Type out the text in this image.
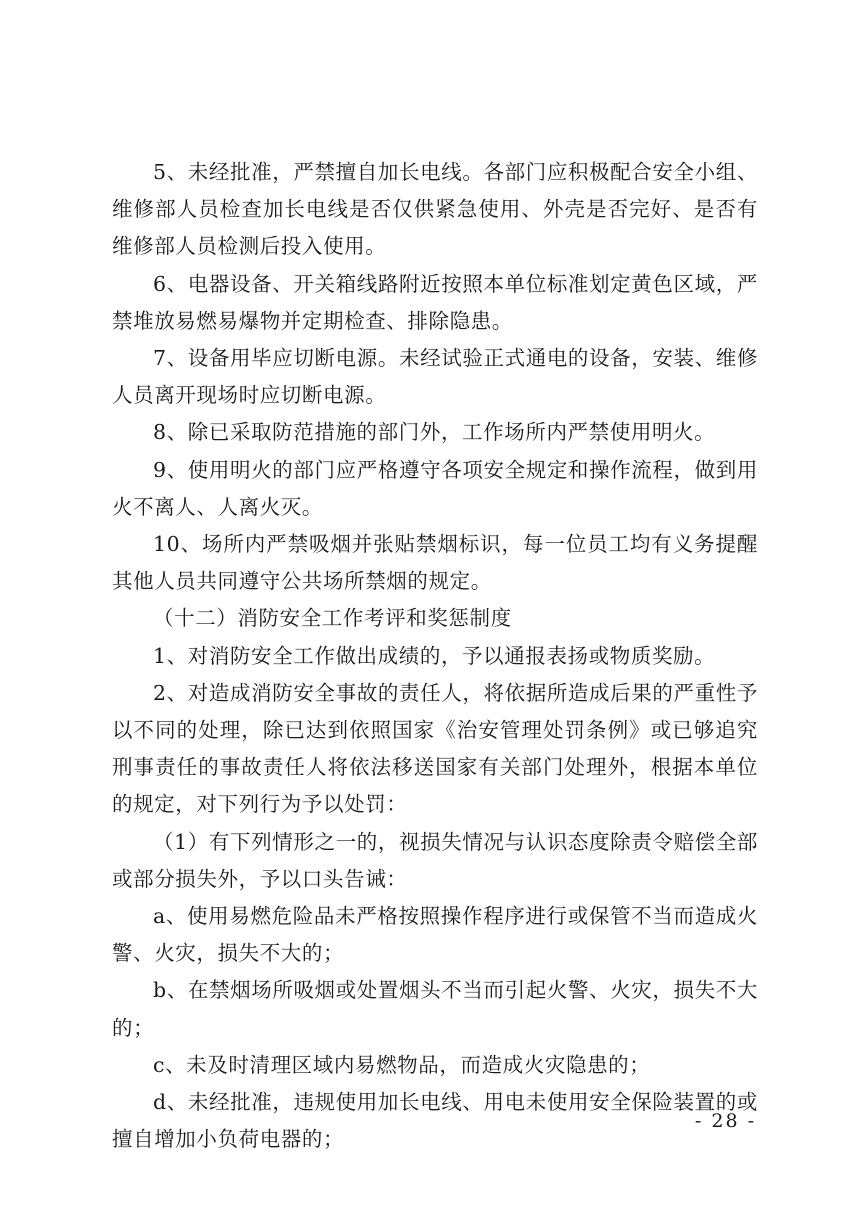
5、未经批准，严禁擅自加长电线。各部门应积极配合安全小组、维修部人员检查加长电线是否仅供紧急使用、外壳是否完好、是否有维修部人员检测后投入使用。

6、电器设备、开关箱线路附近按照本单位标准划定黄色区域，严禁堆放易燃易爆物并定期检查、排除隐患。

7、设备用毕应切断电源。未经试验正式通电的设备，安装、维修人员离开现场时应切断电源。

8、除已采取防范措施的部门外，工作场所内严禁使用明火。

9、使用明火的部门应严格遵守各项安全规定和操作流程，做到用火不离人、人离火灭。

10、场所内严禁吸烟并张贴禁烟标识，每一位员工均有义务提醒其他人员共同遵守公共场所禁烟的规定。

（十二）消防安全工作考评和奖惩制度

1、对消防安全工作做出成绩的，予以通报表扬或物质奖励。

2、对造成消防安全事故的责任人，将依据所造成后果的严重性予以不同的处理，除已达到依照国家《治安管理处罚条例》或已够追究刑事责任的事故责任人将依法移送国家有关部门处理外，根据本单位的规定，对下列行为予以处罚：

（1）有下列情形之一的，视损失情况与认识态度除责令赔偿全部或部分损失外，予以口头告诫：

a、使用易燃危险品未严格按照操作程序进行或保管不当而造成火警、火灾，损失不大的；

b、在禁烟场所吸烟或处置烟头不当而引起火警、火灾，损失不大的；

c、未及时清理区域内易燃物品，而造成火灾隐患的；

d、未经批准，违规使用加长电线、用电未使用安全保险装置的或擅自增加小负荷电器的；

- 28 -
